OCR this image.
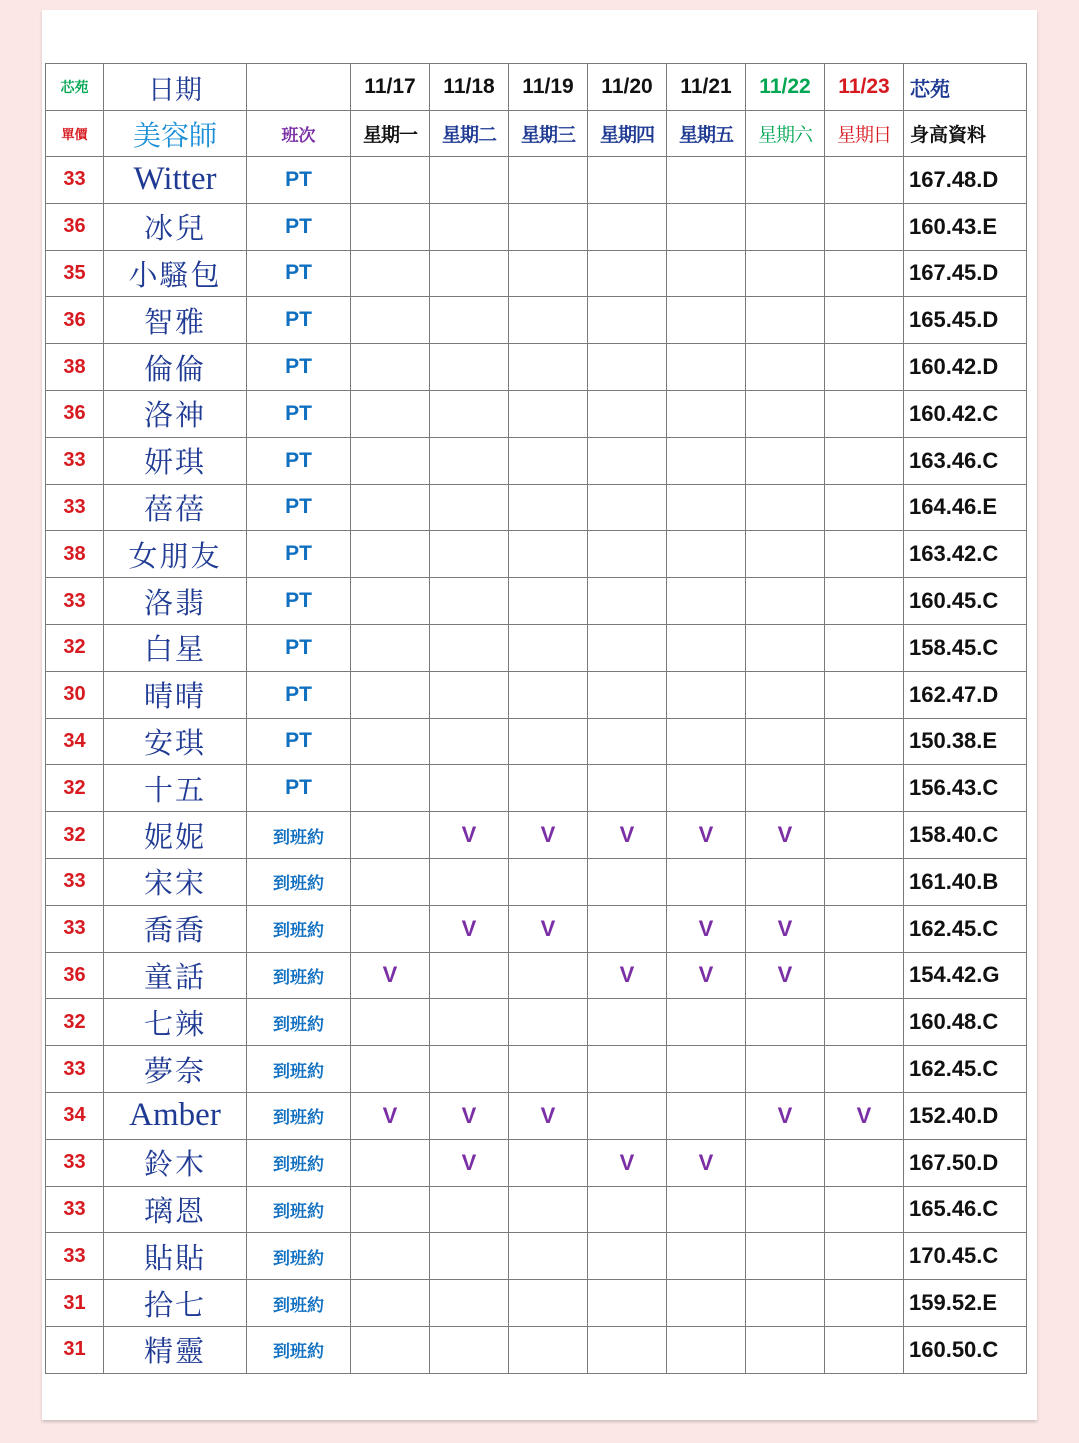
芯苑	日期		11/17	11/18	11/19	11/20	11/21	11/22	11/23	芯苑
單價	美容師	班次	星期一	星期二	星期三	星期四	星期五	星期六	星期日	身高資料
33	Witter	PT								167.48.D
36	冰兒	PT								160.43.E
35	小騷包	PT								167.45.D
36	智雅	PT								165.45.D
38	倫倫	PT								160.42.D
36	洛神	PT								160.42.C
33	妍琪	PT								163.46.C
33	蓓蓓	PT								164.46.E
38	女朋友	PT								163.42.C
33	洛翡	PT								160.45.C
32	白星	PT								158.45.C
30	晴晴	PT								162.47.D
34	安琪	PT								150.38.E
32	十五	PT								156.43.C
32	妮妮	到班約		V	V	V	V	V		158.40.C
33	宋宋	到班約								161.40.B
33	喬喬	到班約		V	V		V	V		162.45.C
36	童話	到班約	V			V	V	V		154.42.G
32	七辣	到班約								160.48.C
33	夢奈	到班約								162.45.C
34	Amber	到班約	V	V	V			V	V	152.40.D
33	鈴木	到班約		V		V	V			167.50.D
33	璃恩	到班約								165.46.C
33	貼貼	到班約								170.45.C
31	拾七	到班約								159.52.E
31	精靈	到班約								160.50.C
